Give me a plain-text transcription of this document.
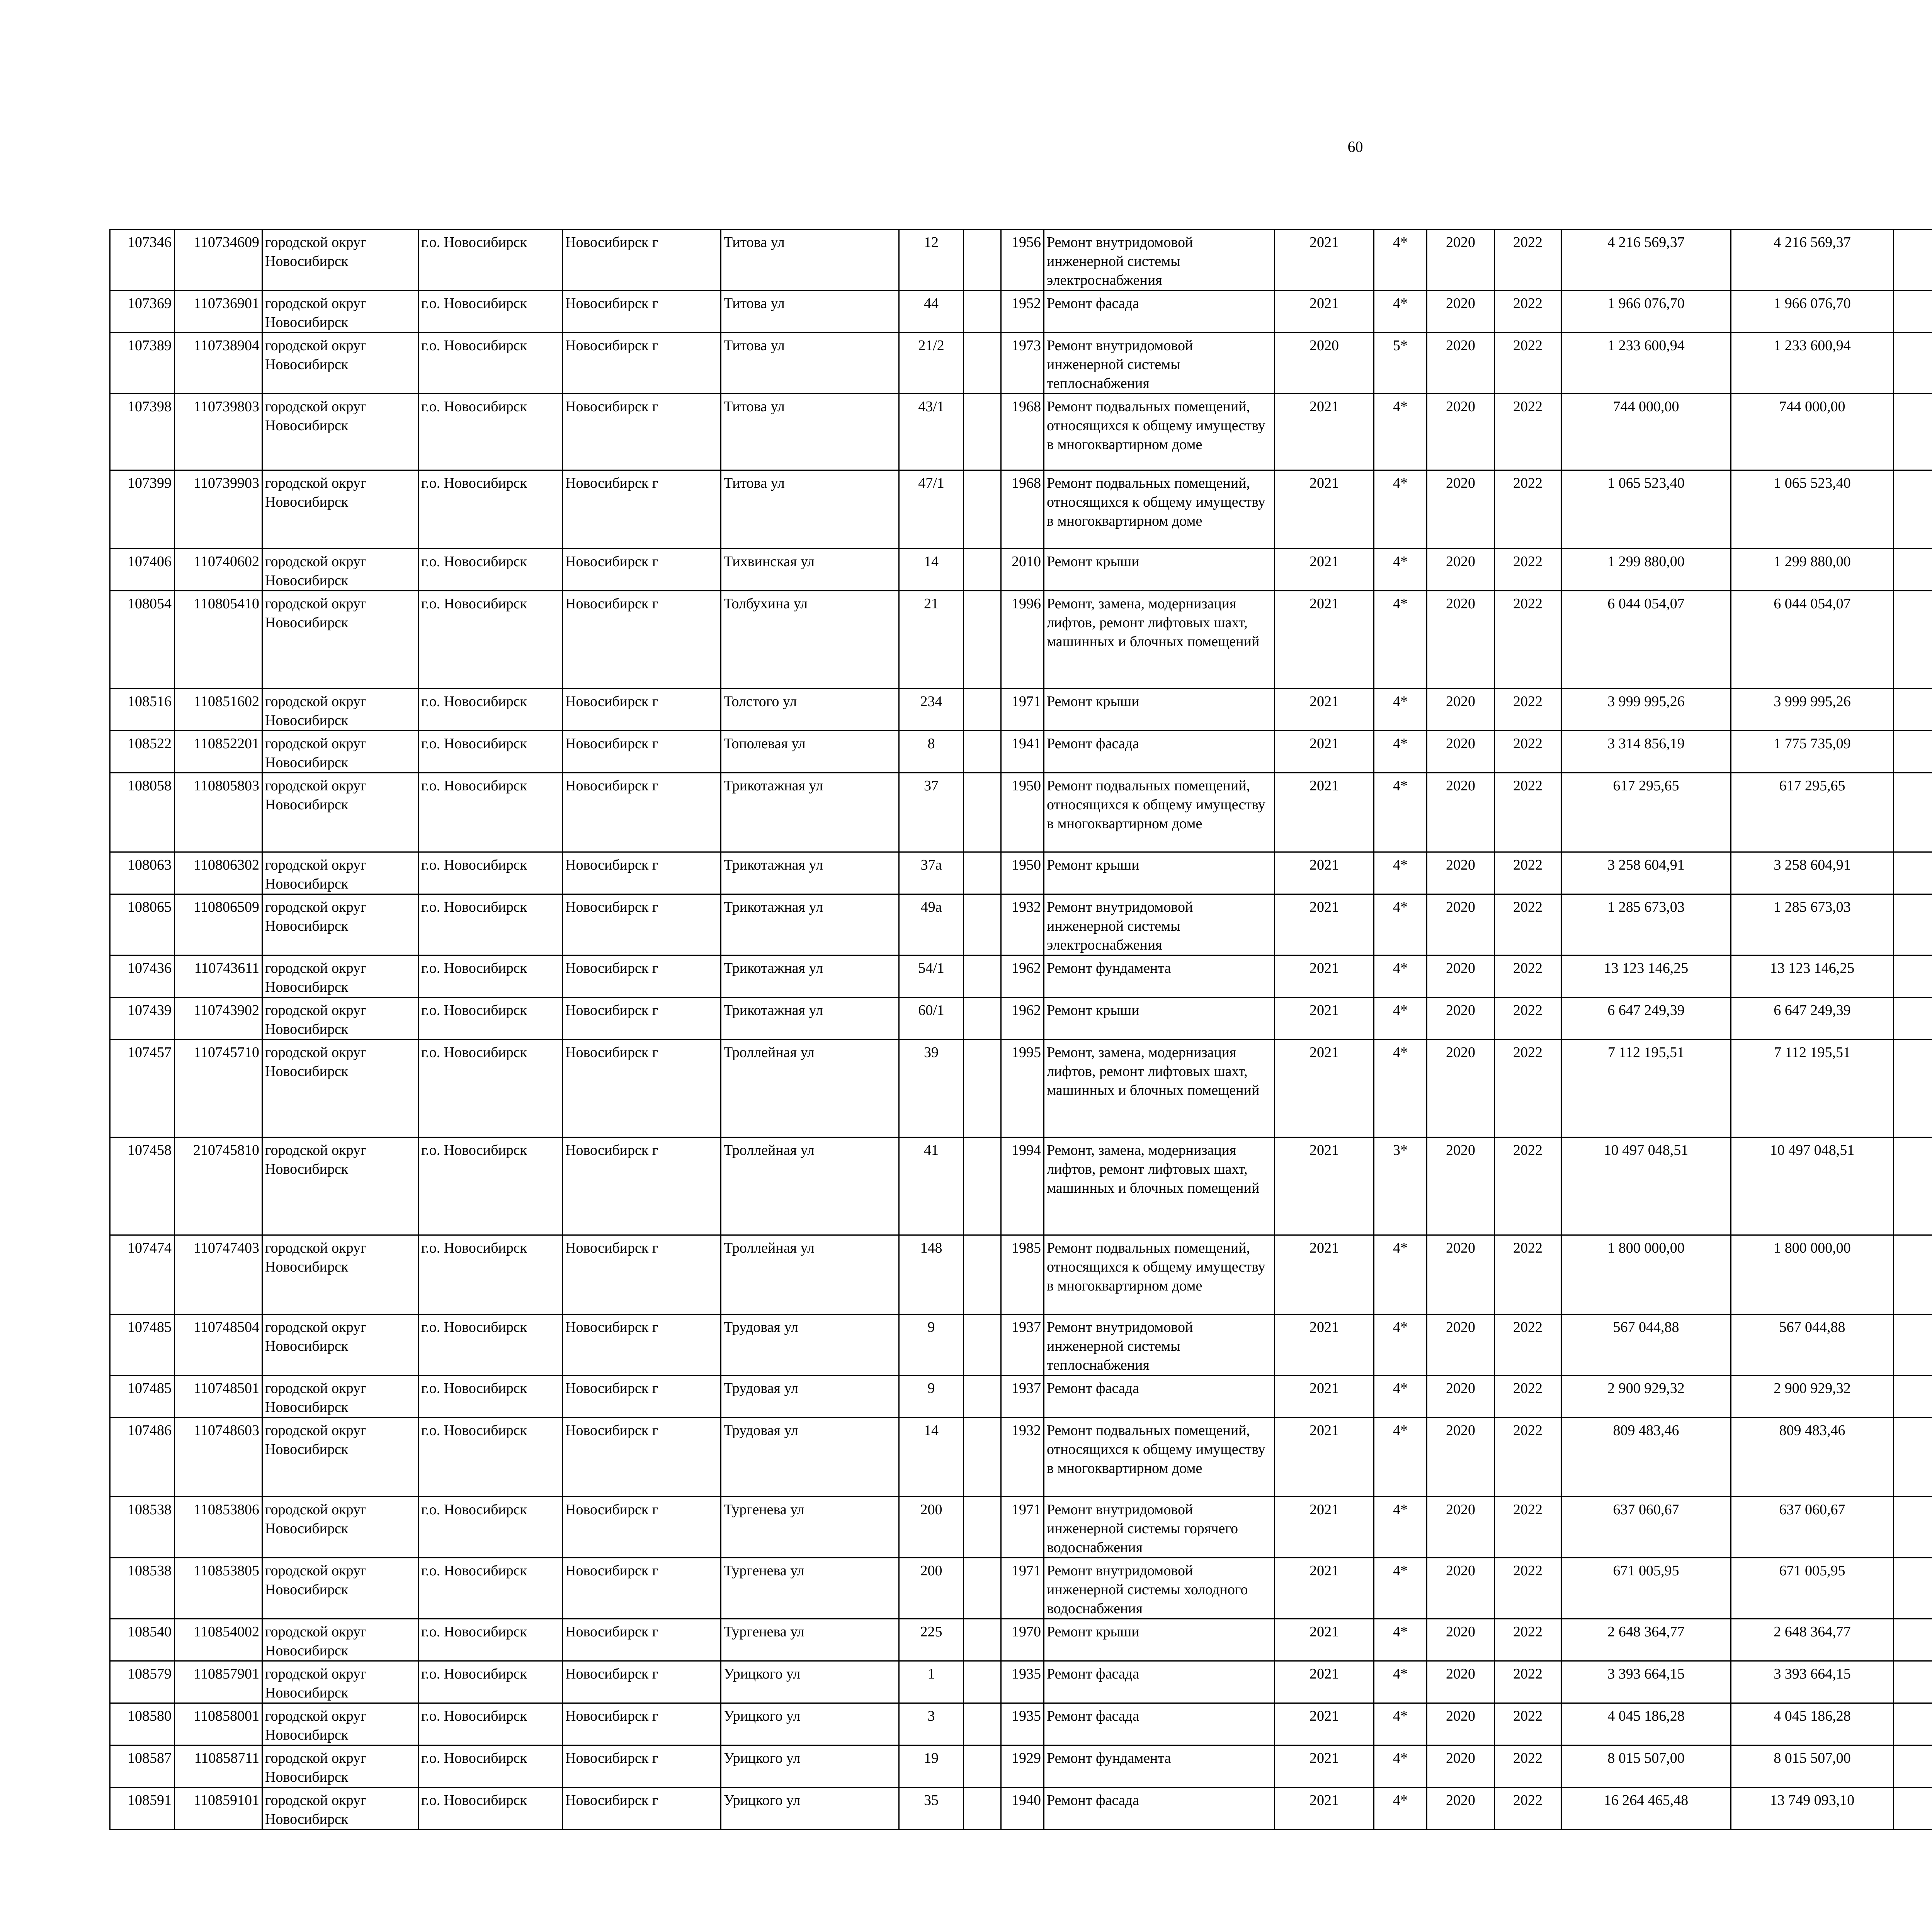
60
107346	110734609	городской округ Новосибирск	г.о. Новосибирск	Новосибирск г	Титова ул	12		1956	Ремонт внутридомовой инженерной системы электроснабжения	2021	4*	2020	2022	4 216 569,37	4 216 569,37						
107369	110736901	городской округ Новосибирск	г.о. Новосибирск	Новосибирск г	Титова ул	44		1952	Ремонт фасада	2021	4*	2020	2022	1 966 076,70	1 966 076,70						
107389	110738904	городской округ Новосибирск	г.о. Новосибирск	Новосибирск г	Титова ул	21/2		1973	Ремонт внутридомовой инженерной системы теплоснабжения	2020	5*	2020	2022	1 233 600,94	1 233 600,94						
107398	110739803	городской округ Новосибирск	г.о. Новосибирск	Новосибирск г	Титова ул	43/1		1968	Ремонт подвальных помещений, относящихся к общему имуществу в многоквартирном доме	2021	4*	2020	2022	744 000,00	744 000,00						
107399	110739903	городской округ Новосибирск	г.о. Новосибирск	Новосибирск г	Титова ул	47/1		1968	Ремонт подвальных помещений, относящихся к общему имуществу в многоквартирном доме	2021	4*	2020	2022	1 065 523,40	1 065 523,40						
107406	110740602	городской округ Новосибирск	г.о. Новосибирск	Новосибирск г	Тихвинская ул	14		2010	Ремонт крыши	2021	4*	2020	2022	1 299 880,00	1 299 880,00						
108054	110805410	городской округ Новосибирск	г.о. Новосибирск	Новосибирск г	Толбухина ул	21		1996	Ремонт, замена, модернизация лифтов, ремонт лифтовых шахт, машинных и блочных помещений	2021	4*	2020	2022	6 044 054,07	6 044 054,07						
108516	110851602	городской округ Новосибирск	г.о. Новосибирск	Новосибирск г	Толстого ул	234		1971	Ремонт крыши	2021	4*	2020	2022	3 999 995,26	3 999 995,26						
108522	110852201	городской округ Новосибирск	г.о. Новосибирск	Новосибирск г	Тополевая ул	8		1941	Ремонт фасада	2021	4*	2020	2022	3 314 856,19	1 775 735,09						
108058	110805803	городской округ Новосибирск	г.о. Новосибирск	Новосибирск г	Трикотажная ул	37		1950	Ремонт подвальных помещений, относящихся к общему имуществу в многоквартирном доме	2021	4*	2020	2022	617 295,65	617 295,65						
108063	110806302	городской округ Новосибирск	г.о. Новосибирск	Новосибирск г	Трикотажная ул	37а		1950	Ремонт крыши	2021	4*	2020	2022	3 258 604,91	3 258 604,91						
108065	110806509	городской округ Новосибирск	г.о. Новосибирск	Новосибирск г	Трикотажная ул	49а		1932	Ремонт внутридомовой инженерной системы электроснабжения	2021	4*	2020	2022	1 285 673,03	1 285 673,03						
107436	110743611	городской округ Новосибирск	г.о. Новосибирск	Новосибирск г	Трикотажная ул	54/1		1962	Ремонт фундамента	2021	4*	2020	2022	13 123 146,25	13 123 146,25						
107439	110743902	городской округ Новосибирск	г.о. Новосибирск	Новосибирск г	Трикотажная ул	60/1		1962	Ремонт крыши	2021	4*	2020	2022	6 647 249,39	6 647 249,39						
107457	110745710	городской округ Новосибирск	г.о. Новосибирск	Новосибирск г	Троллейная ул	39		1995	Ремонт, замена, модернизация лифтов, ремонт лифтовых шахт, машинных и блочных помещений	2021	4*	2020	2022	7 112 195,51	7 112 195,51						
107458	210745810	городской округ Новосибирск	г.о. Новосибирск	Новосибирск г	Троллейная ул	41		1994	Ремонт, замена, модернизация лифтов, ремонт лифтовых шахт, машинных и блочных помещений	2021	3*	2020	2022	10 497 048,51	10 497 048,51						
107474	110747403	городской округ Новосибирск	г.о. Новосибирск	Новосибирск г	Троллейная ул	148		1985	Ремонт подвальных помещений, относящихся к общему имуществу в многоквартирном доме	2021	4*	2020	2022	1 800 000,00	1 800 000,00						
107485	110748504	городской округ Новосибирск	г.о. Новосибирск	Новосибирск г	Трудовая ул	9		1937	Ремонт внутридомовой инженерной системы теплоснабжения	2021	4*	2020	2022	567 044,88	567 044,88						
107485	110748501	городской округ Новосибирск	г.о. Новосибирск	Новосибирск г	Трудовая ул	9		1937	Ремонт фасада	2021	4*	2020	2022	2 900 929,32	2 900 929,32						
107486	110748603	городской округ Новосибирск	г.о. Новосибирск	Новосибирск г	Трудовая ул	14		1932	Ремонт подвальных помещений, относящихся к общему имуществу в многоквартирном доме	2021	4*	2020	2022	809 483,46	809 483,46						
108538	110853806	городской округ Новосибирск	г.о. Новосибирск	Новосибирск г	Тургенева ул	200		1971	Ремонт внутридомовой инженерной системы горячего водоснабжения	2021	4*	2020	2022	637 060,67	637 060,67						
108538	110853805	городской округ Новосибирск	г.о. Новосибирск	Новосибирск г	Тургенева ул	200		1971	Ремонт внутридомовой инженерной системы холодного водоснабжения	2021	4*	2020	2022	671 005,95	671 005,95						
108540	110854002	городской округ Новосибирск	г.о. Новосибирск	Новосибирск г	Тургенева ул	225		1970	Ремонт крыши	2021	4*	2020	2022	2 648 364,77	2 648 364,77						
108579	110857901	городской округ Новосибирск	г.о. Новосибирск	Новосибирск г	Урицкого ул	1		1935	Ремонт фасада	2021	4*	2020	2022	3 393 664,15	3 393 664,15						
108580	110858001	городской округ Новосибирск	г.о. Новосибирск	Новосибирск г	Урицкого ул	3		1935	Ремонт фасада	2021	4*	2020	2022	4 045 186,28	4 045 186,28						
108587	110858711	городской округ Новосибирск	г.о. Новосибирск	Новосибирск г	Урицкого ул	19		1929	Ремонт фундамента	2021	4*	2020	2022	8 015 507,00	8 015 507,00						
108591	110859101	городской округ Новосибирск	г.о. Новосибирск	Новосибирск г	Урицкого ул	35		1940	Ремонт фасада	2021	4*	2020	2022	16 264 465,48	13 749 093,10						
